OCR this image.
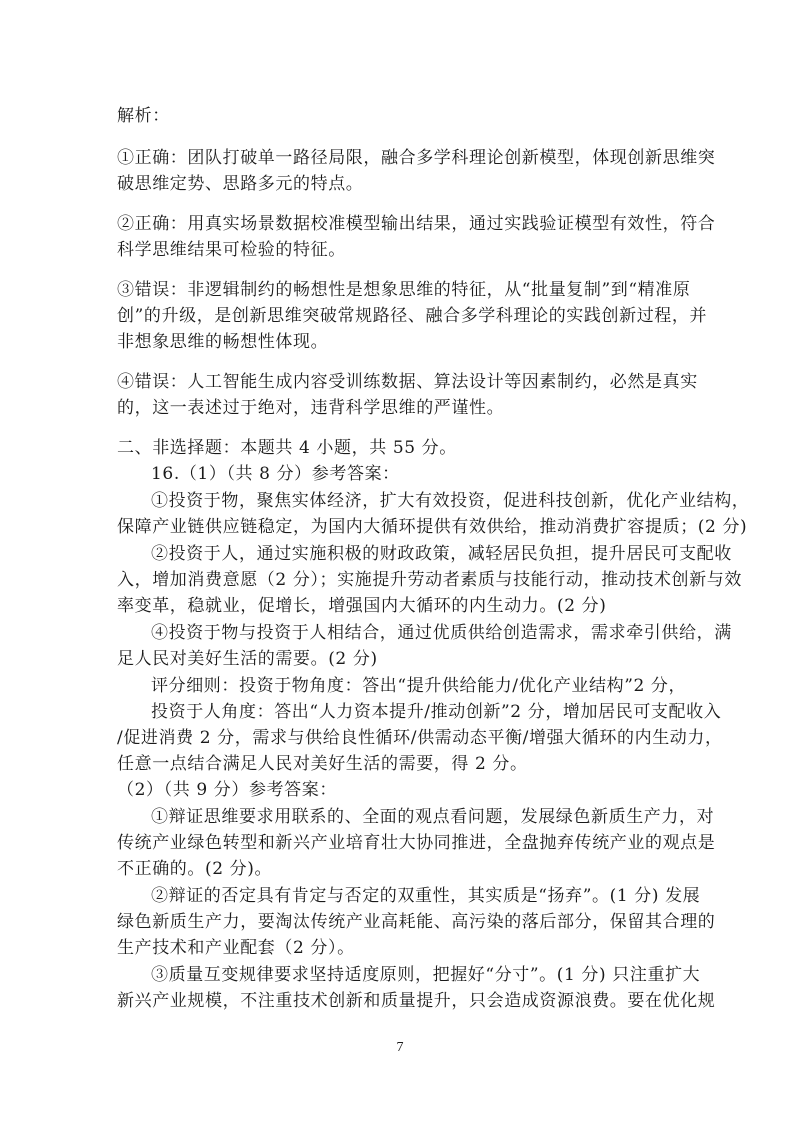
解析：
①正确：团队打破单一路径局限，融合多学科理论创新模型，体现创新思维突
破思维定势、思路多元的特点。
②正确：用真实场景数据校准模型输出结果，通过实践验证模型有效性，符合
科学思维结果可检验的特征。
③错误：非逻辑制约的畅想性是想象思维的特征，从“批量复制”到“精准原
创”的升级，是创新思维突破常规路径、融合多学科理论的实践创新过程，并
非想象思维的畅想性体现。
④错误：人工智能生成内容受训练数据、算法设计等因素制约，必然是真实
的，这一表述过于绝对，违背科学思维的严谨性。
二、非选择题：本题共 4 小题，共 55 分。
16.（1）（共 8 分）参考答案：
①投资于物，聚焦实体经济，扩大有效投资，促进科技创新，优化产业结构，
保障产业链供应链稳定，为国内大循环提供有效供给，推动消费扩容提质；(2 分)
②投资于人，通过实施积极的财政政策，减轻居民负担，提升居民可支配收
入，增加消费意愿（2 分）；实施提升劳动者素质与技能行动，推动技术创新与效
率变革，稳就业，促增长，增强国内大循环的内生动力。(2 分)
④投资于物与投资于人相结合，通过优质供给创造需求，需求牵引供给，满
足人民对美好生活的需要。(2 分)
评分细则：投资于物角度：答出“提升供给能力/优化产业结构”2 分，
投资于人角度：答出“人力资本提升/推动创新”2 分，增加居民可支配收入
/促进消费 2 分，需求与供给良性循环/供需动态平衡/增强大循环的内生动力，
任意一点结合满足人民对美好生活的需要，得 2 分。
（2）（共 9 分）参考答案：
①辩证思维要求用联系的、全面的观点看问题，发展绿色新质生产力，对
传统产业绿色转型和新兴产业培育壮大协同推进，全盘抛弃传统产业的观点是
不正确的。(2 分)。
②辩证的否定具有肯定与否定的双重性，其实质是“扬弃”。(1 分) 发展
绿色新质生产力，要淘汰传统产业高耗能、高污染的落后部分，保留其合理的
生产技术和产业配套（2 分）。
③质量互变规律要求坚持适度原则，把握好“分寸”。(1 分) 只注重扩大
新兴产业规模，不注重技术创新和质量提升，只会造成资源浪费。要在优化规
7
